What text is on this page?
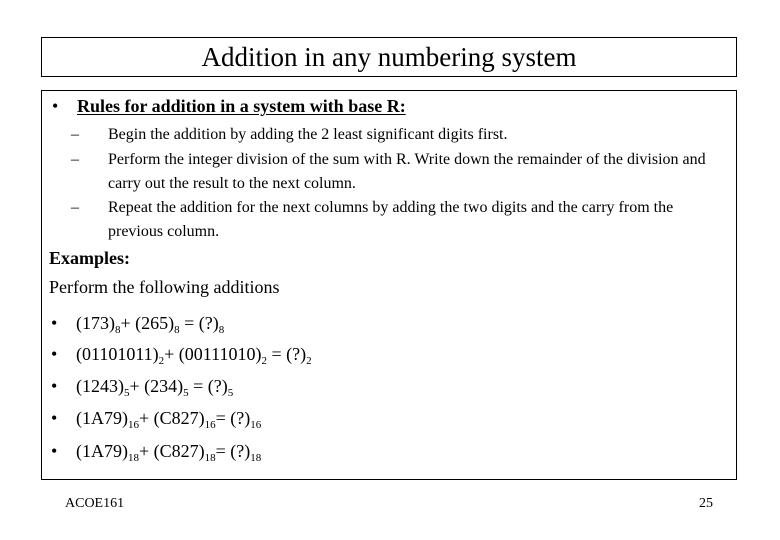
Addition in any numbering system
• Rules for addition in a system with base R:
– Begin the addition by adding the 2 least significant digits first.
– Perform the integer division of the sum with R. Write down the remainder of the division and carry out the result to the next column.
– Repeat the addition for the next columns by adding the two digits and the carry from the previous column.
Examples:
Perform the following additions
• $(173)_8+ (265)_8$ = $(?)_8$
• $(01101011)_2+ (00111010)_2$ = $(?)_2$
• $(1243)_5+ (234)_5$ = $(?)_5$
• $(1A79)_{16}+ (C827)_{16}=$ $(?)_{16}$
• $(1A79)_{18}+ (C827)_{18}=$ $(?)_{18}$
ACOE161	25
